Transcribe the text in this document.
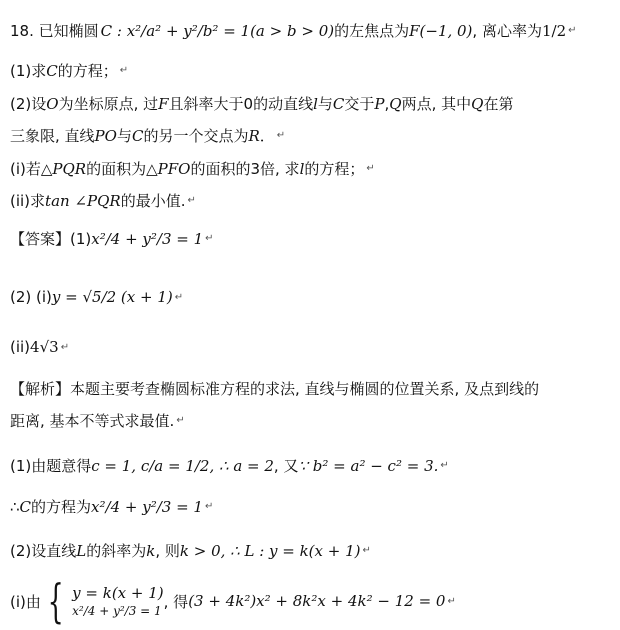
18. 已知椭圆 C : x²/a² + y²/b² = 1(a > b > 0) 的左焦点为 F(−1, 0) , 离心率为 1/2 ↵
(1)求 C 的方程； ↵
(2)设 O 为坐标原点, 过 F 且斜率大于0的动直线 l 与 C 交于 P , Q 两点, 其中 Q 在第
三象限, 直线 PO 与 C 的另一个交点为 R ． ↵
(i)若 △PQR 的面积为 △PFO 的面积的3倍, 求 l 的方程； ↵
(ii)求 tan ∠PQR 的最小值. ↵
【答案】(1) x²/4 + y²/3 = 1 ↵
(2) (i) y = √5/2 (x + 1) ↵
(ii) 4√3 ↵
【解析】本题主要考查椭圆标准方程的求法, 直线与椭圆的位置关系, 及点到线的
距离, 基本不等式求最值. ↵
(1)由题意得 c = 1, c/a = 1/2, ∴ a = 2 , 又 ∵ b² = a² − c² = 3. ↵
∴ C 的方程为 x²/4 + y²/3 = 1 ↵
(2)设直线 L 的斜率为 k , 则 k > 0, ∴ L : y = k(x + 1) ↵
(i)由 { y = k(x + 1)
x²/4 + y²/3 = 1
, 得 (3 + 4k²)x² + 8k²x + 4k² − 12 = 0 ↵
